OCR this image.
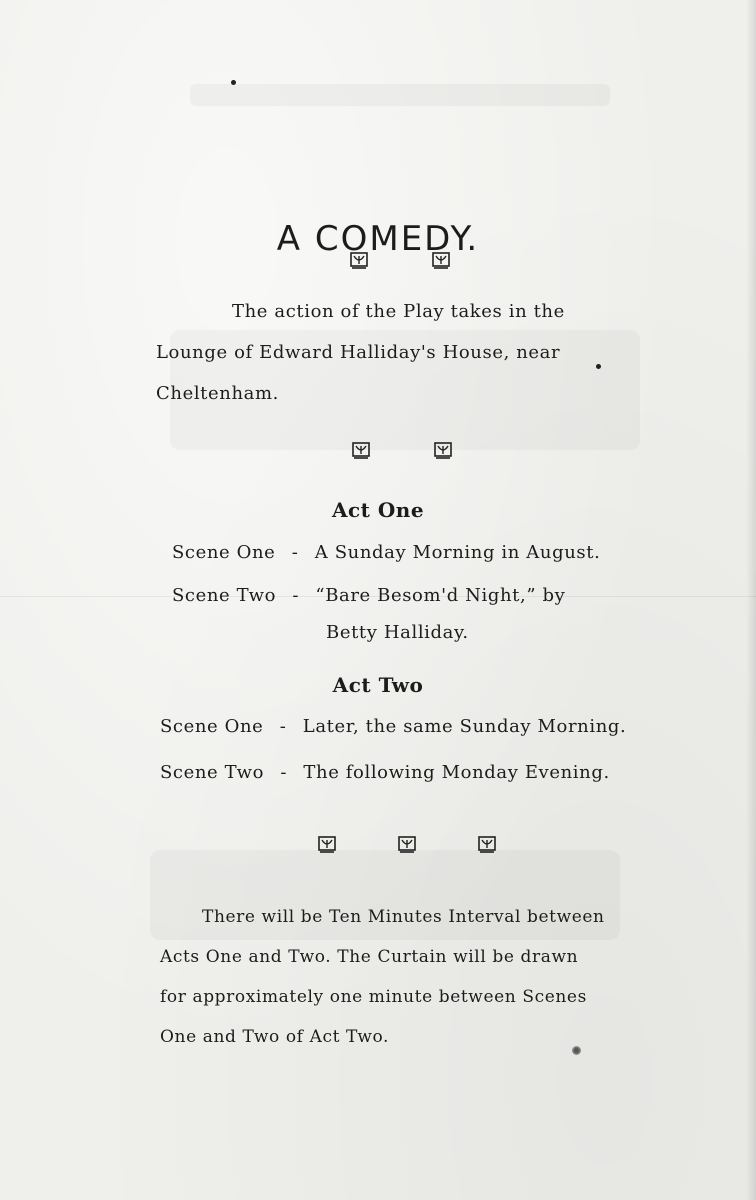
A COMEDY.

The action of the Play takes in the

Lounge of Edward Halliday's House, near

Cheltenham.

Act One
Scene One - A Sunday Morning in August.
Scene Two - “Bare Besom'd Night,” by
Betty Halliday.
Act Two
Scene One - Later, the same Sunday Morning.
Scene Two - The following Monday Evening.

There will be Ten Minutes Interval between

Acts One and Two. The Curtain will be drawn

for approximately one minute between Scenes

One and Two of Act Two.
